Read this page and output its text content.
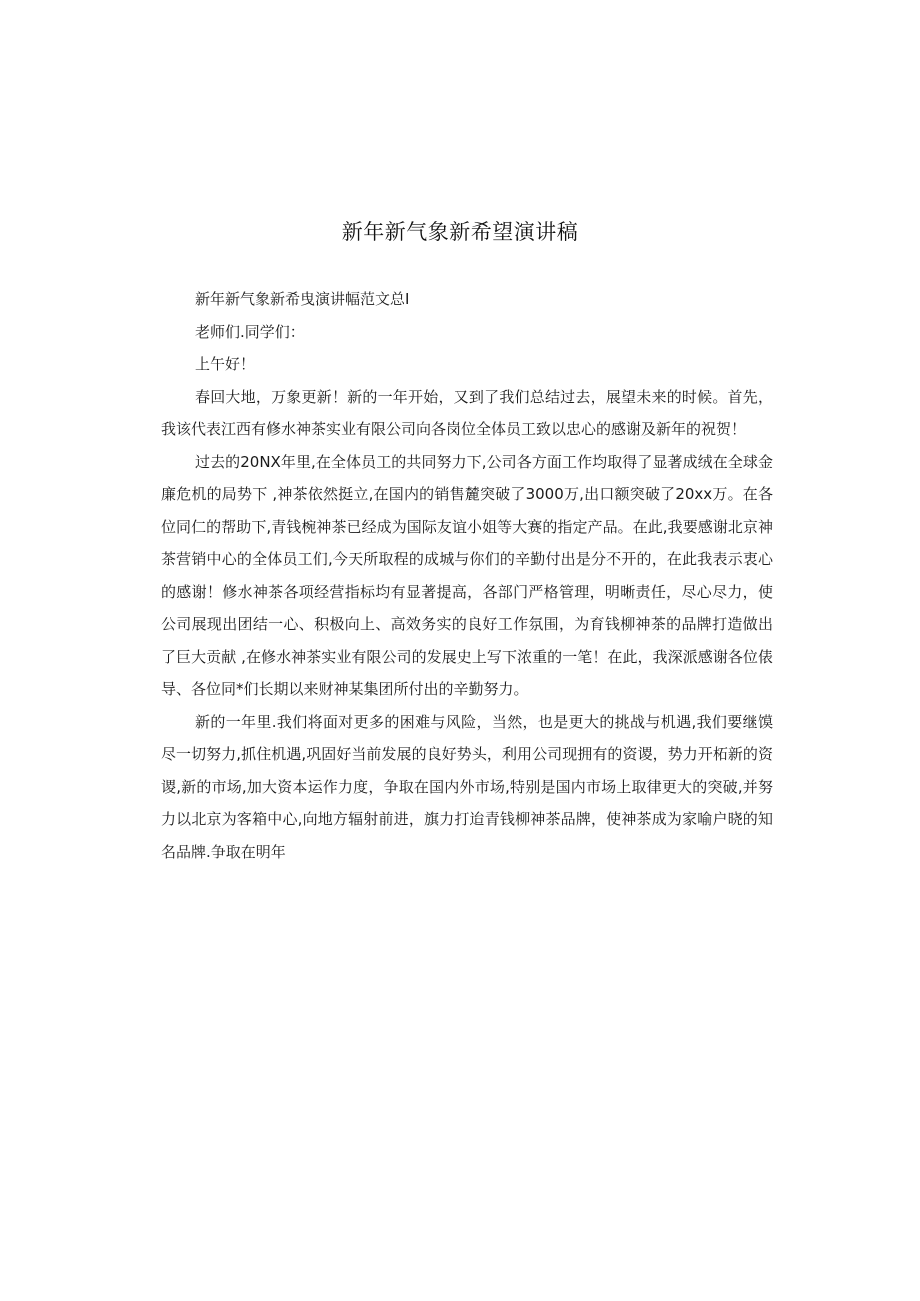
新年新气象新希望演讲稿

新年新气象新希曳演讲幅范文总I

老师们.同学们：

上午好！

春回大地，万象更新！新的一年开始，又到了我们总结过去，展望未来的时候。首先，我该代表江西有修水神茶实业有限公司向各岗位全体员工致以忠心的感谢及新年的祝贺！

过去的20NX年里,在全体员工的共同努力下,公司各方面工作均取得了显著成绒在全球金廉危机的局势下 ,神茶依然挺立,在国内的销售麓突破了3000万,出口额突破了20xx万。在各位同仁的帮助下,青钱椀神茶已经成为国际友谊小姐等大赛的指定产品。在此,我要感谢北京神茶营销中心的全体员工们,今天所取程的成城与你们的辛勤付出是分不开的，在此我表示衷心的感谢！修水神茶各项经营指标均有显著提高，各部门严格管理，明晰责任，尽心尽力，使公司展现出团结一心、积极向上、高效务实的良好工作氛围，为育钱柳神茶的品牌打造做出了巨大贡献 ,在修水神茶实业有限公司的发展史上写下浓重的一笔！在此，我深派感谢各位俵导、各位同*们长期以来财神某集团所付出的辛勤努力。

新的一年里.我们将面对更多的困难与风险，当然，也是更大的挑战与机遇,我们要继馍尽一切努力,抓住机遇,巩固好当前发展的良好势头，利用公司现拥有的资谡，势力开柘新的资谡,新的市场,加大资本运作力度，争取在国内外市场,特别是国内市场上取律更大的突破,并努力以北京为客箱中心,向地方辐射前进，旗力打迨青钱柳神茶品牌，使神茶成为家喻户晓的知名品牌.争取在明年
